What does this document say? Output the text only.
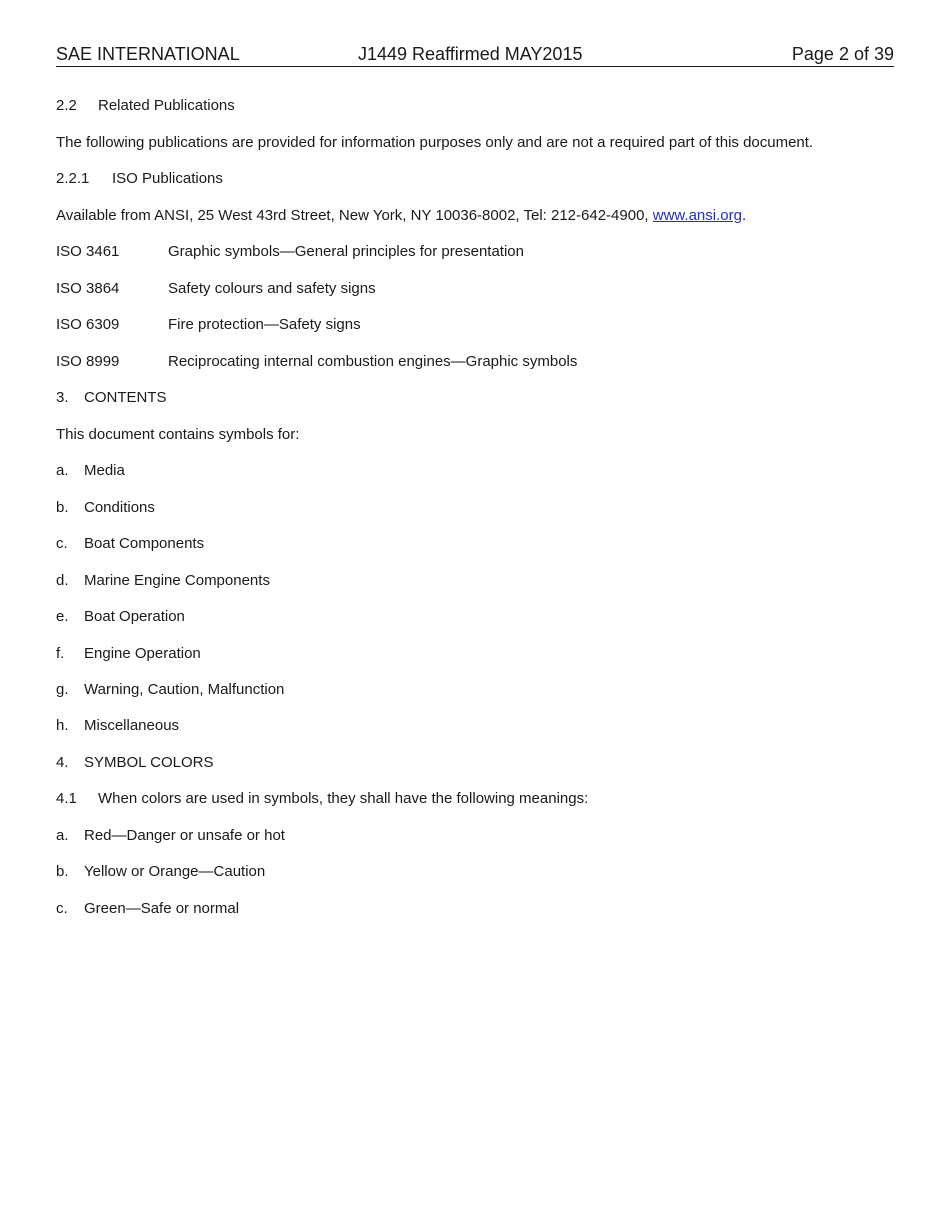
SAE INTERNATIONAL	J1449 Reaffirmed MAY2015	Page 2 of 39
2.2 Related Publications
The following publications are provided for information purposes only and are not a required part of this document.
2.2.1 ISO Publications
Available from ANSI, 25 West 43rd Street, New York, NY 10036-8002, Tel: 212-642-4900, www.ansi.org.
ISO 3461	Graphic symbols—General principles for presentation
ISO 3864	Safety colours and safety signs
ISO 6309	Fire protection—Safety signs
ISO 8999	Reciprocating internal combustion engines—Graphic symbols
3. CONTENTS
This document contains symbols for:
a. Media
b. Conditions
c. Boat Components
d. Marine Engine Components
e. Boat Operation
f. Engine Operation
g. Warning, Caution, Malfunction
h. Miscellaneous
4. SYMBOL COLORS
4.1 When colors are used in symbols, they shall have the following meanings:
a. Red—Danger or unsafe or hot
b. Yellow or Orange—Caution
c. Green—Safe or normal
